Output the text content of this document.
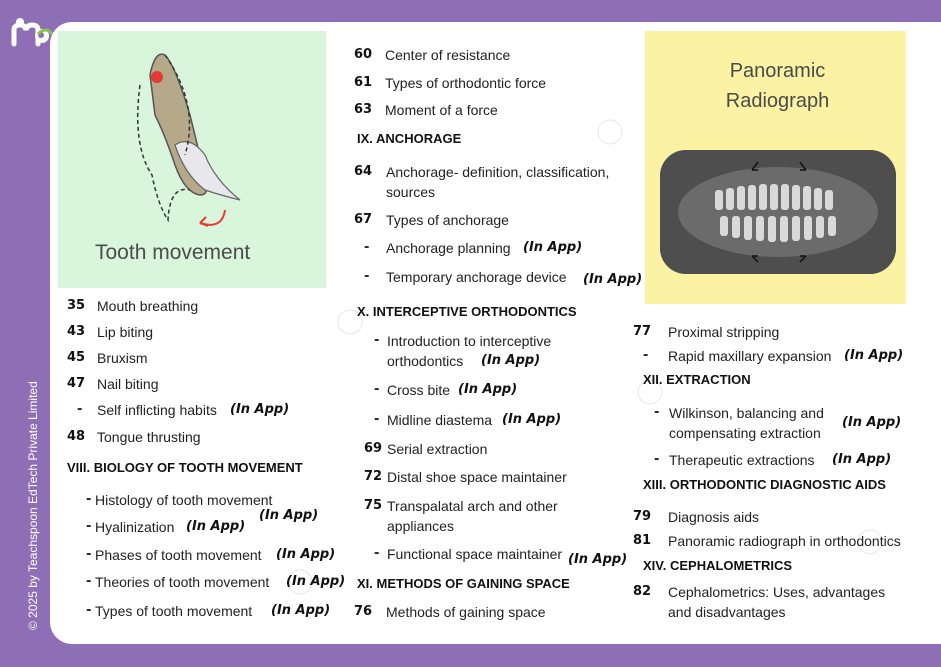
© 2025 by Teachspoon EdTech Private Limited
Tooth movement
Panoramic Radiograph
VIII. BIOLOGY OF TOOTH MOVEMENT
IX. ANCHORAGE
X. INTERCEPTIVE ORTHODONTICS
XI. METHODS OF GAINING SPACE
XII. EXTRACTION
XIII. ORTHODONTIC DIAGNOSTIC AIDS
XIV. CEPHALOMETRICS
35 Mouth breathing
43 Lip biting
45 Bruxism
47 Nail biting
- Self inflicting habits (In App)
48 Tongue thrusting
- Histology of tooth movement
(In App)
- Hyalinization (In App)
- Phases of tooth movement (In App)
- Theories of tooth movement (In App)
- Types of tooth movement (In App)
60 Center of resistance
61 Types of orthodontic force
63 Moment of a force
64 Anchorage- definition, classification,
sources
67 Types of anchorage
- Anchorage planning (In App)
- Temporary anchorage device (In App)
- Introduction to interceptive
orthodontics (In App)
- Cross bite (In App)
- Midline diastema (In App)
69 Serial extraction
72 Distal shoe space maintainer
75 Transpalatal arch and other
appliances
- Functional space maintainer (In App)
76 Methods of gaining space
77 Proximal stripping
- Rapid maxillary expansion (In App)
- Wilkinson, balancing and
compensating extraction
(In App)
- Therapeutic extractions (In App)
79 Diagnosis aids
81 Panoramic radiograph in orthodontics
82 Cephalometrics: Uses, advantages
and disadvantages
